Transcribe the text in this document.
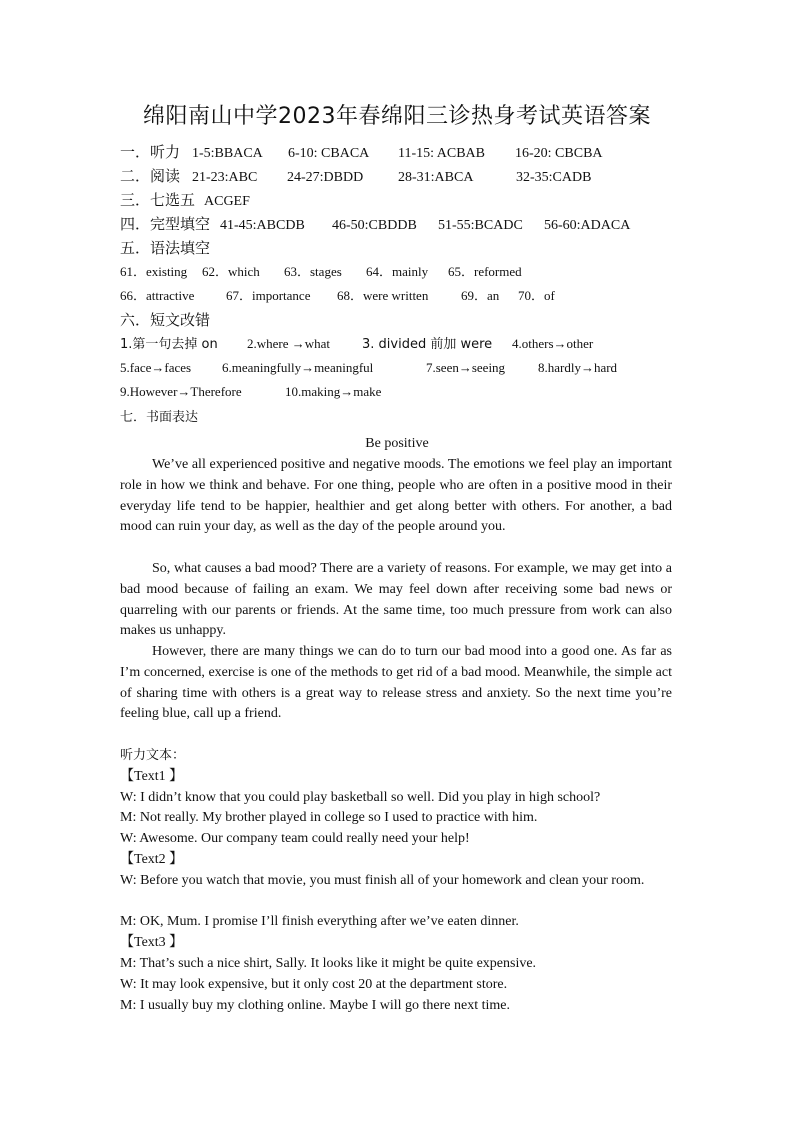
绵阳南山中学2023年春绵阳三诊热身考试英语答案
一．听力 1-5:BBACA 6-10: CBACA 11-15: ACBAB 16-20: CBCBA
二．阅读 21-23:ABC 24-27:DBDD 28-31:ABCA	32-35:CADB
三．七选五 ACGEF
四．完型填空 41-45:ABCDB 46-50:CBDDB 51-55:BCADC 56-60:ADACA
五．语法填空
61．existing 62．which 63．stages 64．mainly 65．reformed
66．attractive 67．importance 68．were written	69．an 70．of
六．短文改错
1.第一句去掉 on 2.where →what 3. divided 前加 were 4.others→other
5.face→faces 6.meaningfully→meaningful	7.seen→seeing	8.hardly→hard
9.However→Therefore	10.making→make
七．书面表达
Be positive
We’ve all experienced positive and negative moods. The emotions we feel play an important role in how we think and behave. For one thing, people who are often in a positive mood in their everyday life tend to be happier, healthier and get along better with others. For another, a bad mood can ruin your day, as well as the day of the people around you.
So, what causes a bad mood? There are a variety of reasons. For example, we may get into a bad mood because of failing an exam. We may feel down after receiving some bad news or quarreling with our parents or friends. At the same time, too much pressure from work can also makes us unhappy.
However, there are many things we can do to turn our bad mood into a good one. As far as I’m concerned, exercise is one of the methods to get rid of a bad mood. Meanwhile, the simple act of sharing time with others is a great way to release stress and anxiety. So the next time you’re feeling blue, call up a friend.
听力文本：
【Text1 】
W: I didn’t know that you could play basketball so well. Did you play in high school?
M: Not really. My brother played in college so I used to practice with him.
W: Awesome. Our company team could really need your help!
【Text2 】
W: Before you watch that movie, you must finish all of your homework and clean your room.
M: OK, Mum. I promise I’ll finish everything after we’ve eaten dinner.
【Text3 】
M: That’s such a nice shirt, Sally. It looks like it might be quite expensive.
W: It may look expensive, but it only cost 20 at the department store.
M: I usually buy my clothing online. Maybe I will go there next time.
